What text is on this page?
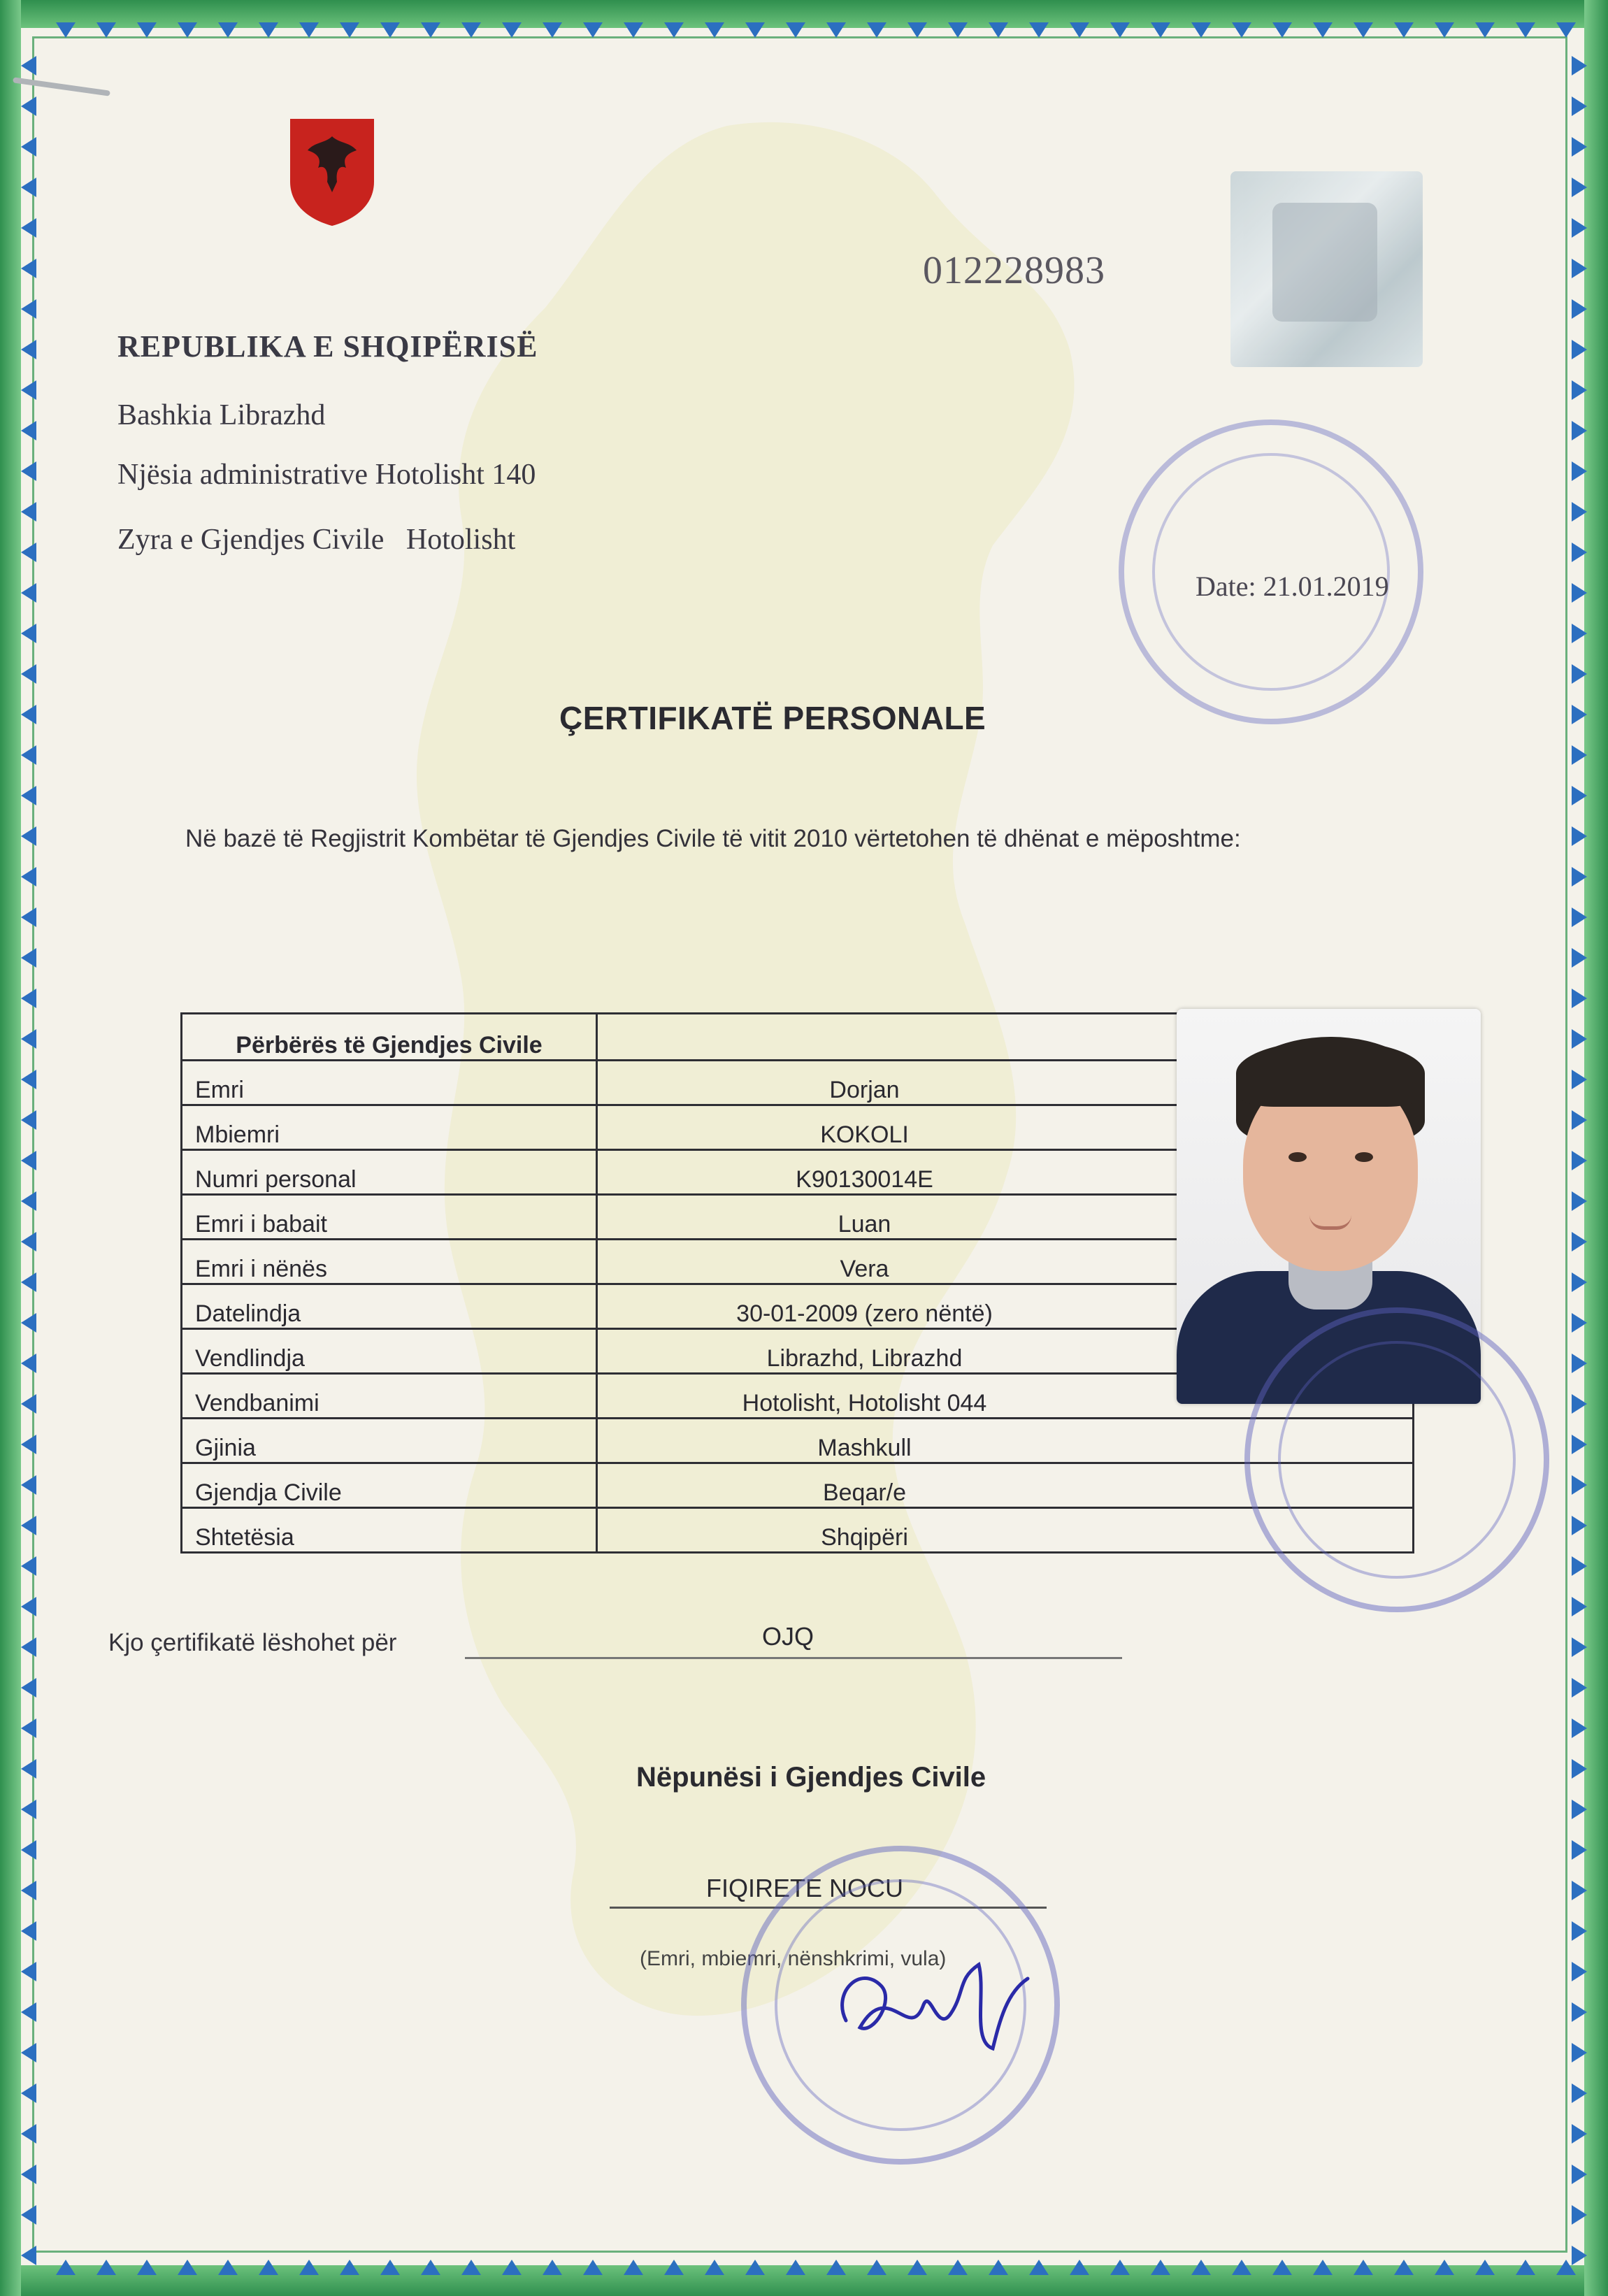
012228983
REPUBLIKA E SHQIPËRISË
Bashkia Librazhd
Njësia administrative Hotolisht 140
Zyra e Gjendjes Civile Hotolisht
Date: 21.01.2019
ÇERTIFIKATË PERSONALE
Në bazë të Regjistrit Kombëtar të Gjendjes Civile të vitit 2010 vërtetohen të dhënat e mëposhtme:
Përbërës të Gjendjes Civile	
Emri	Dorjan
Mbiemri	KOKOLI
Numri personal	K90130014E
Emri i babait	Luan
Emri i nënës	Vera
Datelindja	30-01-2009 (zero nëntë)
Vendlindja	Librazhd, Librazhd
Vendbanimi	Hotolisht, Hotolisht 044
Gjinia	Mashkull
Gjendja Civile	Beqar/e
Shtetësia	Shqipëri
Kjo çertifikatë lëshohet për	OJQ
Nëpunësi i Gjendjes Civile
FIQIRETE NOCU
(Emri, mbiemri, nënshkrimi, vula)
